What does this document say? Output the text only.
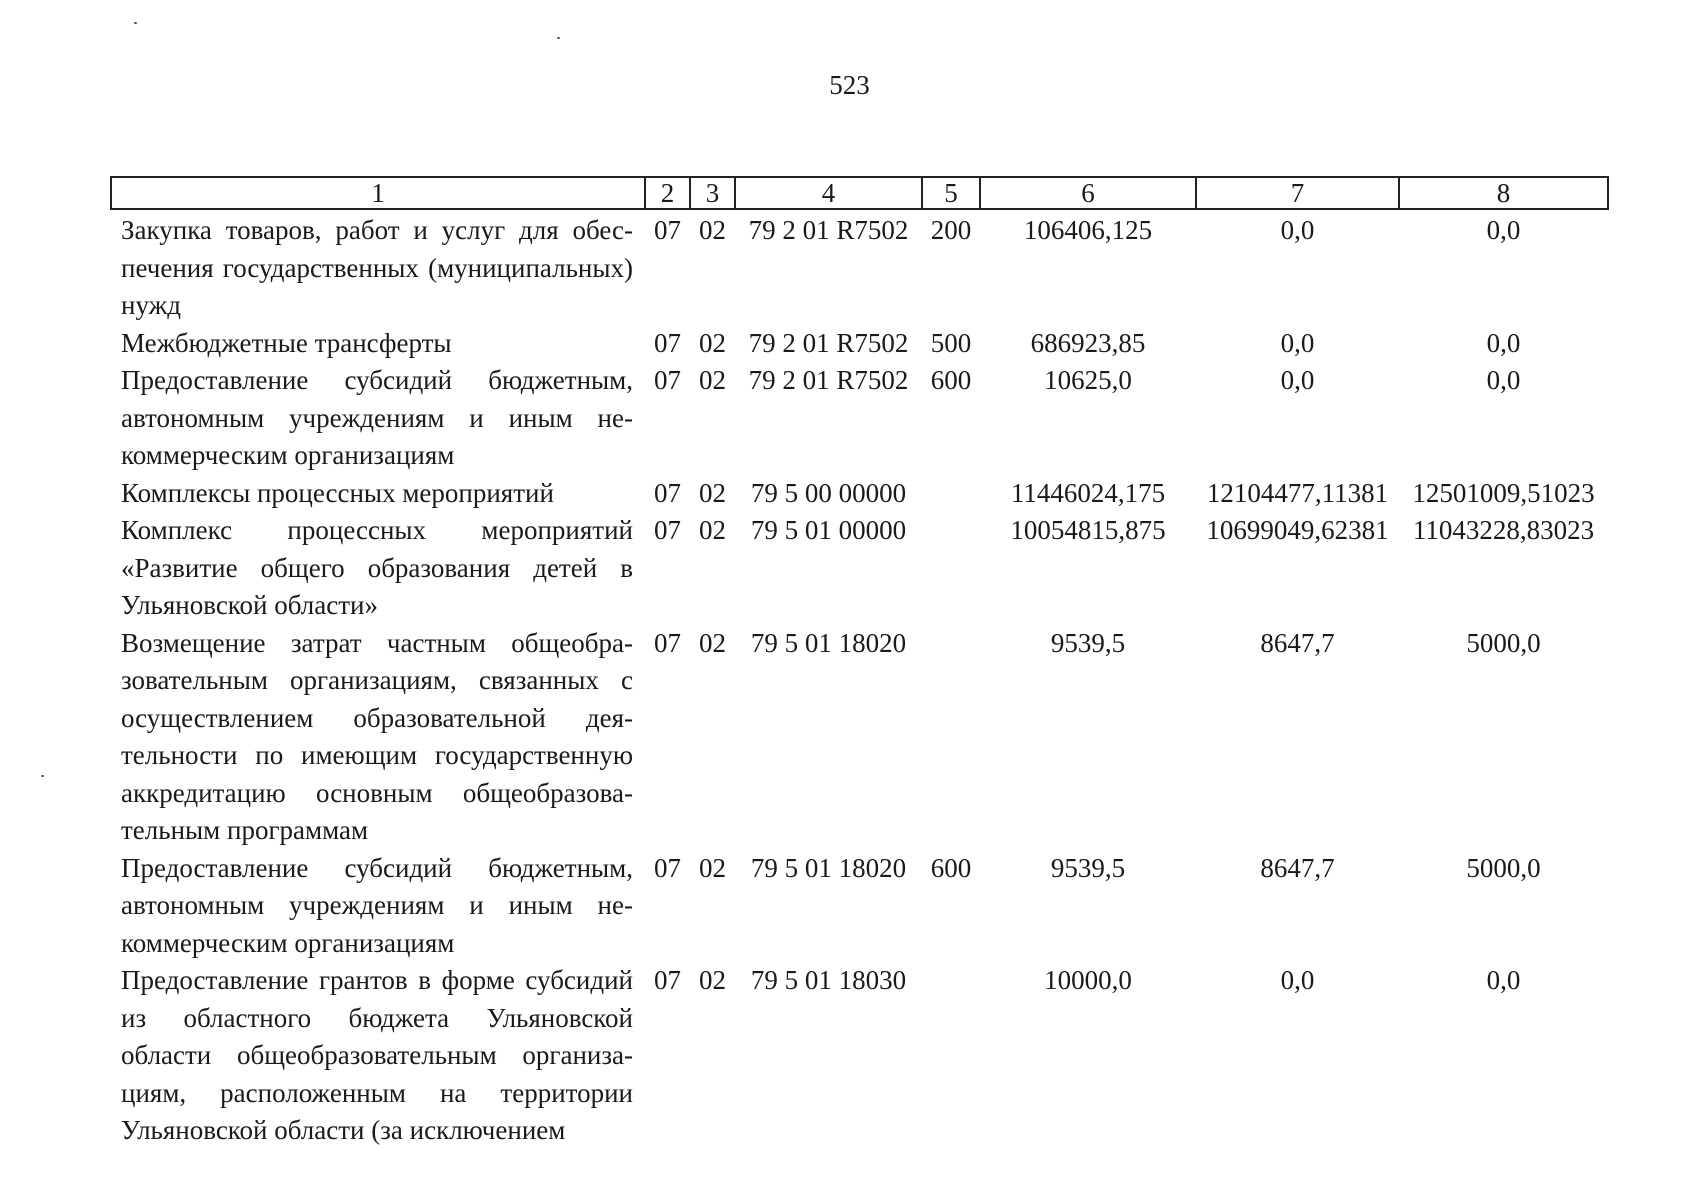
523
1	2	3	4	5	6	7	8
Закупка товаров, работ и услуг для обеспечения государственных (муниципальных) нужд	07	02	79 2 01 R7502	200	106406,125	0,0	0,0
Межбюджетные трансферты	07	02	79 2 01 R7502	500	686923,85	0,0	0,0
Предоставление субсидий бюджетным, автономным учреждениям и иным некоммерческим организациям	07	02	79 2 01 R7502	600	10625,0	0,0	0,0
Комплексы процессных мероприятий	07	02	79 5 00 00000		11446024,175	12104477,11381	12501009,51023
Комплекс процессных мероприятий «Развитие общего образования детей в Ульяновской области»	07	02	79 5 01 00000		10054815,875	10699049,62381	11043228,83023
Возмещение затрат частным общеобразовательным организациям, связанных с осуществлением образовательной деятельности по имеющим государственную аккредитацию основным общеобразовательным программам	07	02	79 5 01 18020		9539,5	8647,7	5000,0
Предоставление субсидий бюджетным, автономным учреждениям и иным некоммерческим организациям	07	02	79 5 01 18020	600	9539,5	8647,7	5000,0
Предоставление грантов в форме субсидий из областного бюджета Ульяновской области общеобразовательным организациям, расположенным на территории Ульяновской области (за исключением	07	02	79 5 01 18030		10000,0	0,0	0,0
